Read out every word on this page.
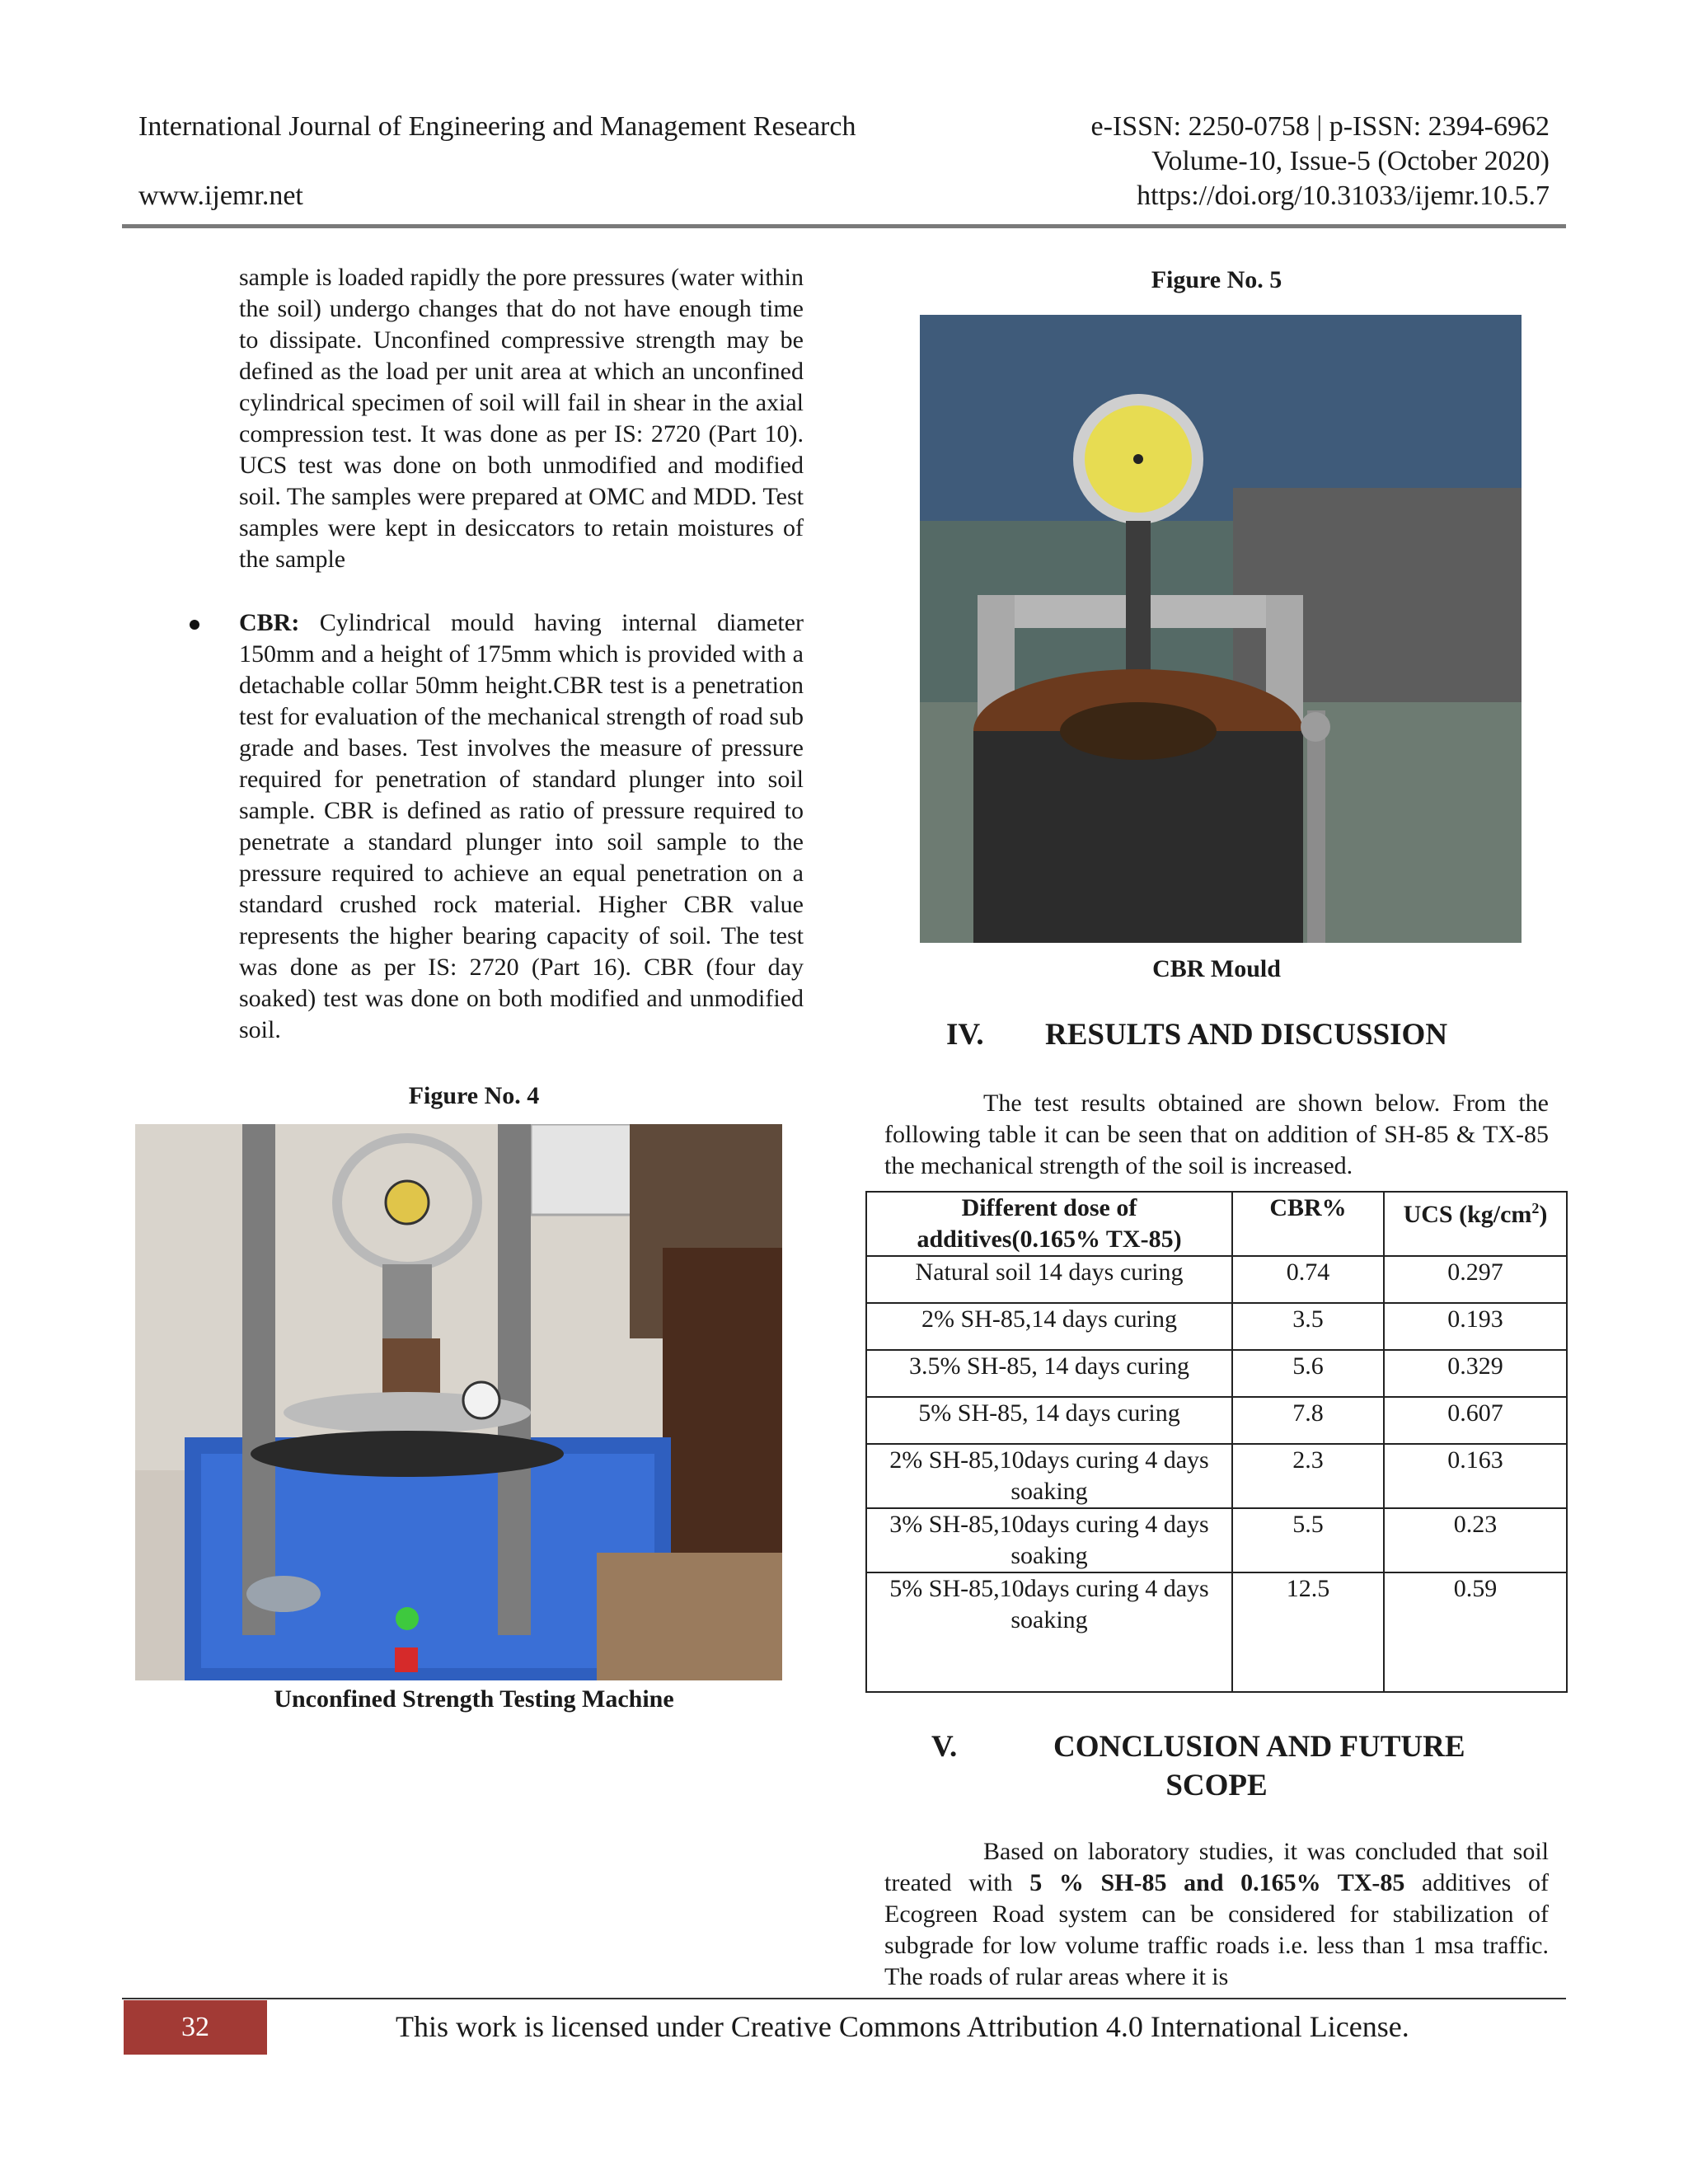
International Journal of Engineering and Management Research	e-ISSN: 2250-0758 | p-ISSN: 2394-6962
Volume-10, Issue-5 (October 2020)
www.ijemr.net	https://doi.org/10.31033/ijemr.10.5.7

sample is loaded rapidly the pore pressures (water within the soil) undergo changes that do not have enough time to dissipate. Unconfined compressive strength may be defined as the load per unit area at which an unconfined cylindrical specimen of soil will fail in shear in the axial compression test. It was done as per IS: 2720 (Part 10). UCS test was done on both unmodified and modified soil. The samples were prepared at OMC and MDD. Test samples were kept in desiccators to retain moistures of the sample

CBR: Cylindrical mould having internal diameter 150mm and a height of 175mm which is provided with a detachable collar 50mm height.CBR test is a penetration test for evaluation of the mechanical strength of road sub grade and bases. Test involves the measure of pressure required for penetration of standard plunger into soil sample. CBR is defined as ratio of pressure required to penetrate a standard plunger into soil sample to the pressure required to achieve an equal penetration on a standard crushed rock material. Higher CBR value represents the higher bearing capacity of soil. The test was done as per IS: 2720 (Part 16). CBR (four day soaked) test was done on both modified and unmodified soil.

Figure No. 4
Unconfined Strength Testing Machine
Figure No. 5
CBR Mould
IV. RESULTS AND DISCUSSION
The test results obtained are shown below. From the following table it can be seen that on addition of SH-85 & TX-85 the mechanical strength of the soil is increased.
Different dose of additives(0.165% TX-85)	CBR%	UCS $(kg/cm^2)$
Natural soil 14 days curing	0.74	0.297
2% SH-85,14 days curing	3.5	0.193
3.5% SH-85, 14 days curing	5.6	0.329
5% SH-85, 14 days curing	7.8	0.607
2% SH-85,10days curing 4 days soaking	2.3	0.163
3% SH-85,10days curing 4 days soaking	5.5	0.23
5% SH-85,10days curing 4 days soaking	12.5	0.59
V.	CONCLUSION AND FUTURE
SCOPE
Based on laboratory studies, it was concluded that soil treated with 5 % SH-85 and 0.165% TX-85 additives of Ecogreen Road system can be considered for stabilization of subgrade for low volume traffic roads i.e. less than 1 msa traffic. The roads of rular areas where it is
32	This work is licensed under Creative Commons Attribution 4.0 International License.
